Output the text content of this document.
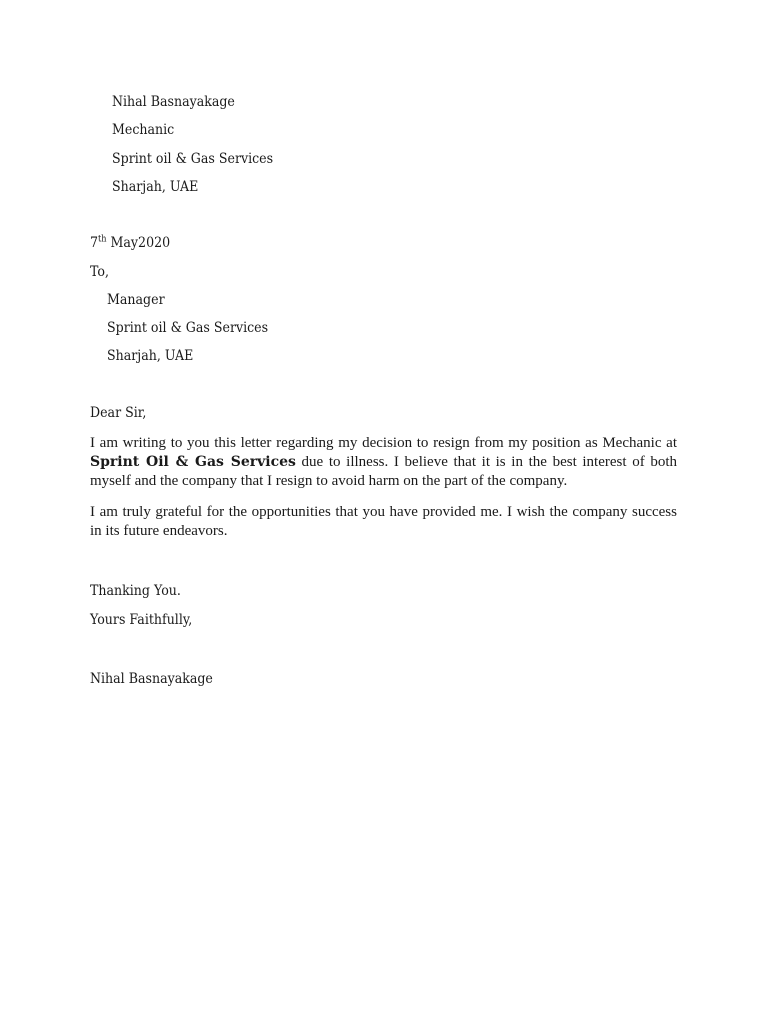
Nihal Basnayakage
Mechanic
Sprint oil & Gas Services
Sharjah, UAE
7th May2020
To,
Manager
Sprint oil & Gas Services
Sharjah, UAE
Dear Sir,
I am writing to you this letter regarding my decision to resign from my position as Mechanic at
Sprint Oil & Gas Services due to illness. I believe that it is in the best interest of both
myself and the company that I resign to avoid harm on the part of the company.
I am truly grateful for the opportunities that you have provided me. I wish the company success
in its future endeavors.
Thanking You.
Yours Faithfully,
Nihal Basnayakage
